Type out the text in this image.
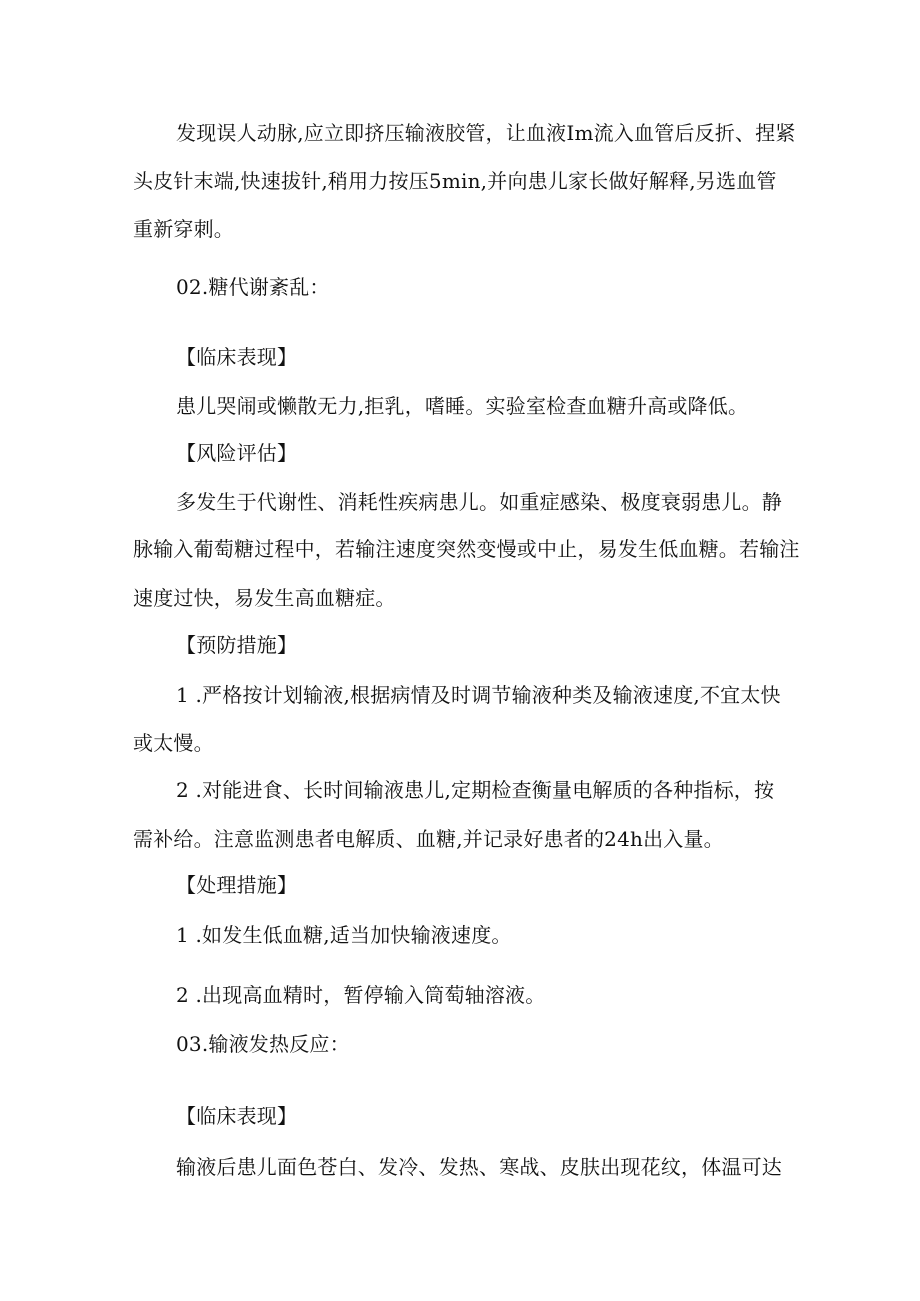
发现误人动脉,应立即挤压输液胶管，让血液Im流入血管后反折、捏紧
头皮针末端,快速拔针,稍用力按压5min,并向患儿家长做好解释,另选血管
重新穿刺。
02.糖代谢紊乱：
【临床表现】
患儿哭闹或懒散无力,拒乳，嗜睡。实验室检查血糖升高或降低。
【风险评估】
多发生于代谢性、消耗性疾病患儿。如重症感染、极度衰弱患儿。静
脉输入葡萄糖过程中，若输注速度突然变慢或中止，易发生低血糖。若输注
速度过快，易发生高血糖症。
【预防措施】
1 .严格按计划输液,根据病情及时调节输液种类及输液速度,不宜太快
或太慢。
2 .对能进食、长时间输液患儿,定期检查衡量电解质的各种指标，按
需补给。注意监测患者电解质、血糖,并记录好患者的24h出入量。
【处理措施】
1 .如发生低血糖,适当加快输液速度。
2 .出现高血精时，暂停输入筒萄轴溶液。
03.输液发热反应：
【临床表现】
输液后患儿面色苍白、发冷、发热、寒战、皮肤出现花纹，体温可达
